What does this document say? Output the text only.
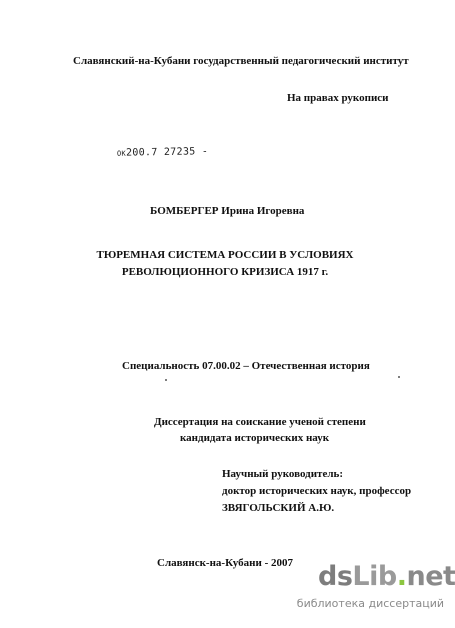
Славянский-на-Кубани государственный педагогический институт
На правах рукописи
$^{ОК}$200.7 27235 -
БОМБЕРГЕР Ирина Игоревна
ТЮРЕМНАЯ СИСТЕМА РОССИИ В УСЛОВИЯХ
РЕВОЛЮЦИОННОГО КРИЗИСА 1917 г.
Специальность 07.00.02 – Отечественная история
Диссертация на соискание ученой степени
кандидата исторических наук
Научный руководитель:
доктор исторических наук, профессор
ЗВЯГОЛЬСКИЙ А.Ю.
Славянск-на-Кубани - 2007 dsLib.net
библиотека диссертаций
